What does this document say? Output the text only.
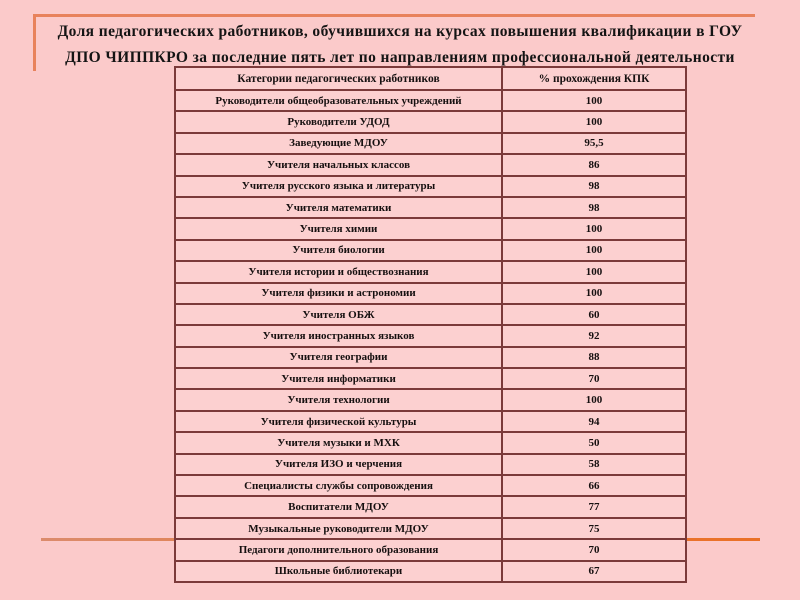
Доля педагогических работников, обучившихся на курсах повышения квалификации в ГОУ ДПО ЧИППКРО за последние пять лет по направлениям профессиональной деятельности
Категории педагогических работников	% прохождения КПК
Руководители общеобразовательных учреждений	100
Руководители УДОД	100
Заведующие МДОУ	95,5
Учителя начальных классов	86
Учителя русского языка и литературы	98
Учителя математики	98
Учителя химии	100
Учителя биологии	100
Учителя истории и обществознания	100
Учителя физики и астрономии	100
Учителя ОБЖ	60
Учителя иностранных языков	92
Учителя географии	88
Учителя информатики	70
Учителя технологии	100
Учителя физической культуры	94
Учителя музыки и МХК	50
Учителя ИЗО и черчения	58
Специалисты службы сопровождения	66
Воспитатели МДОУ	77
Музыкальные руководители МДОУ	75
Педагоги дополнительного образования	70
Школьные библиотекари	67
